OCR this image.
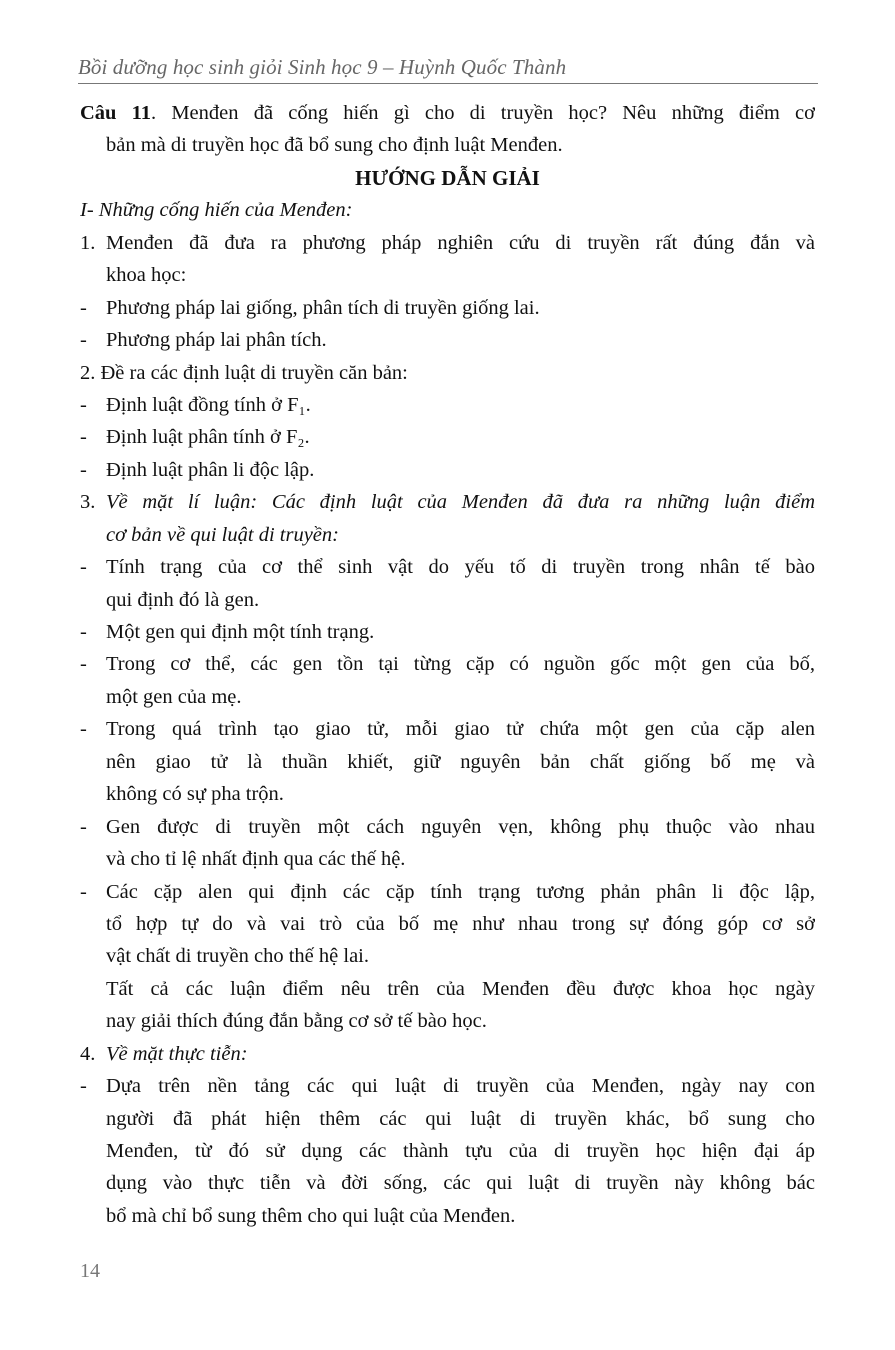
Bồi dưỡng học sinh giỏi Sinh học 9 – Huỳnh Quốc Thành
Câu 11. Menđen đã cống hiến gì cho di truyền học? Nêu những điểm cơ
bản mà di truyền học đã bổ sung cho định luật Menđen.
HƯỚNG DẪN GIẢI
I- Những cống hiến của Menđen:
1. Menđen đã đưa ra phương pháp nghiên cứu di truyền rất đúng đắn và
khoa học:
- Phương pháp lai giống, phân tích di truyền giống lai.
- Phương pháp lai phân tích.
2. Đề ra các định luật di truyền căn bản:
- Định luật đồng tính ở F₁.
- Định luật phân tính ở F₂.
- Định luật phân li độc lập.
3. Về mặt lí luận: Các định luật của Menđen đã đưa ra những luận điểm
cơ bản về qui luật di truyền:
- Tính trạng của cơ thể sinh vật do yếu tố di truyền trong nhân tế bào
qui định đó là gen.
- Một gen qui định một tính trạng.
- Trong cơ thể, các gen tồn tại từng cặp có nguồn gốc một gen của bố,
một gen của mẹ.
- Trong quá trình tạo giao tử, mỗi giao tử chứa một gen của cặp alen
nên giao tử là thuần khiết, giữ nguyên bản chất giống bố mẹ và
không có sự pha trộn.
- Gen được di truyền một cách nguyên vẹn, không phụ thuộc vào nhau
và cho tỉ lệ nhất định qua các thế hệ.
- Các cặp alen qui định các cặp tính trạng tương phản phân li độc lập,
tổ hợp tự do và vai trò của bố mẹ như nhau trong sự đóng góp cơ sở
vật chất di truyền cho thế hệ lai.
Tất cả các luận điểm nêu trên của Menđen đều được khoa học ngày
nay giải thích đúng đắn bằng cơ sở tế bào học.
4. Về mặt thực tiễn:
- Dựa trên nền tảng các qui luật di truyền của Menđen, ngày nay con
người đã phát hiện thêm các qui luật di truyền khác, bổ sung cho
Menđen, từ đó sử dụng các thành tựu của di truyền học hiện đại áp
dụng vào thực tiễn và đời sống, các qui luật di truyền này không bác
bổ mà chỉ bổ sung thêm cho qui luật của Menđen.
14
